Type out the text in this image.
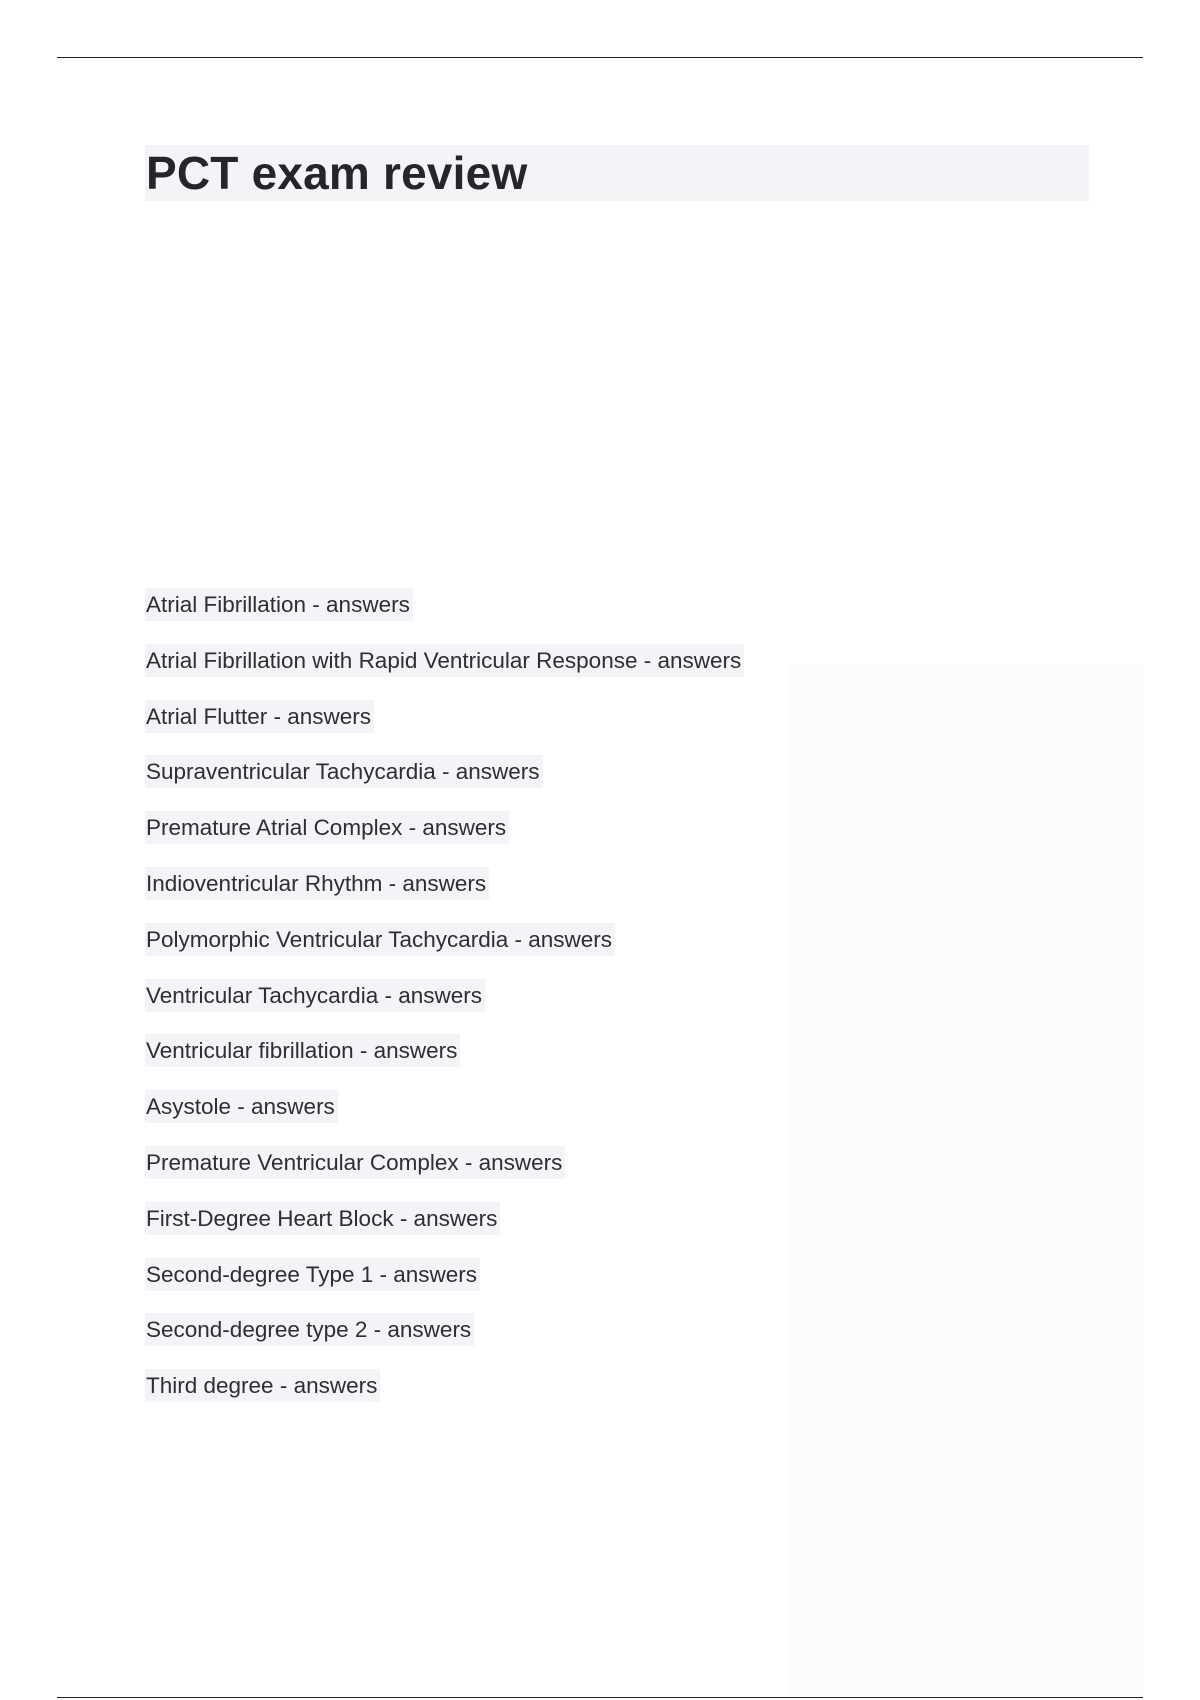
PCT exam review
Atrial Fibrillation - answers
Atrial Fibrillation with Rapid Ventricular Response - answers
Atrial Flutter - answers
Supraventricular Tachycardia - answers
Premature Atrial Complex - answers
Indioventricular Rhythm - answers
Polymorphic Ventricular Tachycardia - answers
Ventricular Tachycardia - answers
Ventricular fibrillation - answers
Asystole - answers
Premature Ventricular Complex - answers
First-Degree Heart Block - answers
Second-degree Type 1 - answers
Second-degree type 2 - answers
Third degree - answers
